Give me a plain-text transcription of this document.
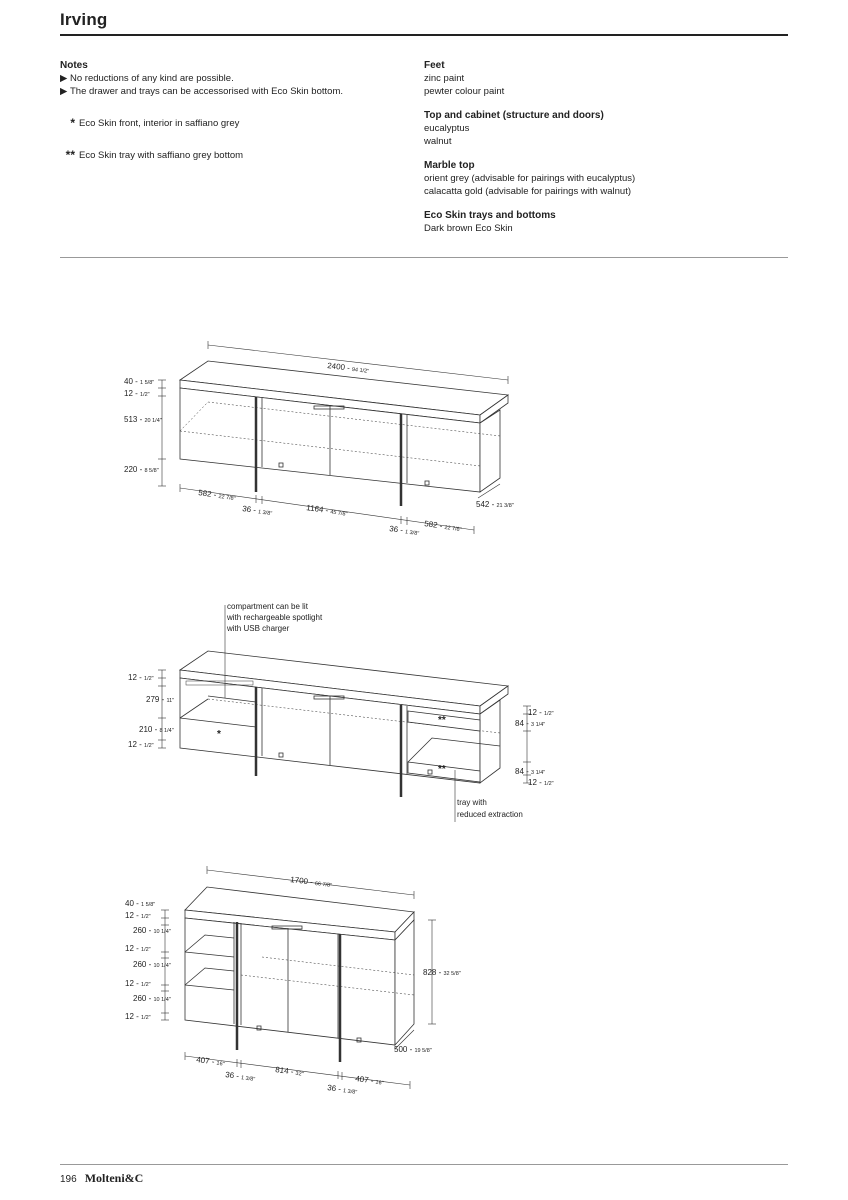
Irving
Notes
▶ No reductions of any kind are possible.
▶ The drawer and trays can be accessorised with Eco Skin bottom.
* Eco Skin front, interior in saffiano grey
** Eco Skin tray with saffiano grey bottom
Feet
zinc paint
pewter colour paint
Top and cabinet (structure and doors)
eucalyptus
walnut
Marble top
orient grey (advisable for pairings with eucalyptus)
calacatta gold (advisable for pairings with walnut)
Eco Skin trays and bottoms
Dark brown Eco Skin
2400 - 94 1/2"
40 - 1 5/8"
12 - 1/2"
513 - 20 1/4"
220 - 8 5/8"
582 - 22 7/8"
36 - 1 3/8"	1164 - 45 7/8"
36 - 1 3/8"
582 - 22 7/8"
542 - 21 3/8"
compartment can be lit
with rechargeable spotlight
with USB charger
tray with
reduced extraction
12 - 1/2"
279 - 11"
210 - 8 1/4"
12 - 1/2"
12 - 1/2"
84 - 3 1/4"
84 - 3 1/4"
12 - 1/2"
*
**
**
1700 - 66 7/8"
40 - 1 5/8"
12 - 1/2"
260 - 10 1/4"
12 - 1/2"
260 - 10 1/4"
12 - 1/2"
260 - 10 1/4"
12 - 1/2"
828 - 32 5/8"
500 - 19 5/8"
407 - 16"
36 - 1 3/8"
814 - 32"
36 - 1 3/8"
407 - 16"
196 Molteni&C
